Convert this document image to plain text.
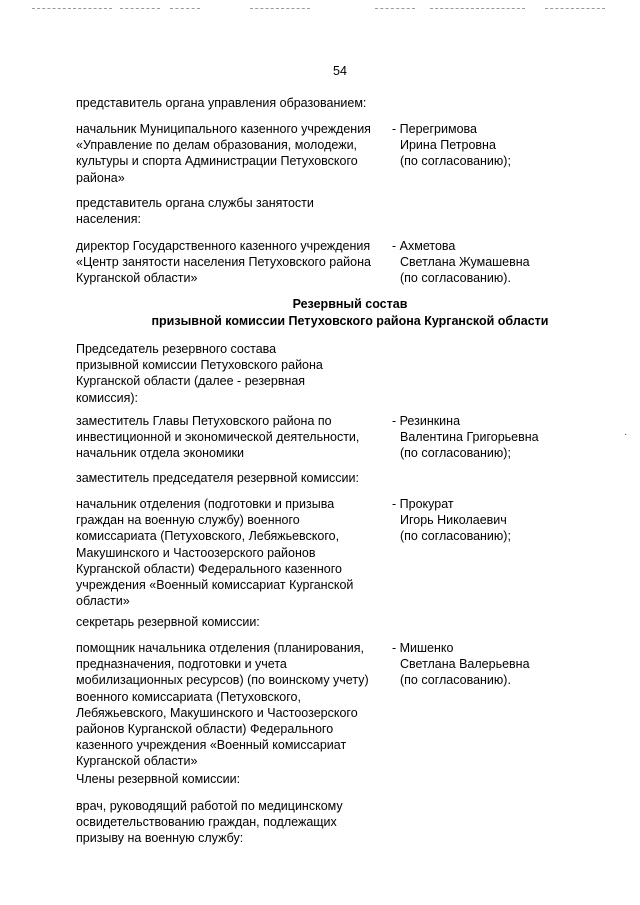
54
представитель органа управления образованием:
начальник Муниципального казенного учреждения
«Управление по делам образования, молодежи,
культуры и спорта Администрации Петуховского
района»
- Перегримова
Ирина Петровна
(по согласованию);
представитель органа службы занятости
населения:
директор Государственного казенного учреждения
«Центр занятости населения Петуховского района
Курганской области»
- Ахметова
Светлана Жумашевна
(по согласованию).
Резервный состав
призывной комиссии Петуховского района Курганской области
Председатель резервного состава
призывной комиссии Петуховского района
Курганской области (далее - резервная
комиссия):
заместитель Главы Петуховского района по
инвестиционной и экономической деятельности,
начальник отдела экономики
- Резинкина
Валентина Григорьевна
(по согласованию);
заместитель председателя резервной комиссии:
начальник отделения (подготовки и призыва
граждан на военную службу) военного
комиссариата (Петуховского, Лебяжьевского,
Макушинского и Частоозерского районов
Курганской области) Федерального казенного
учреждения «Военный комиссариат Курганской
области»
- Прокурат
Игорь Николаевич
(по согласованию);
секретарь резервной комиссии:
помощник начальника отделения (планирования,
предназначения, подготовки и учета
мобилизационных ресурсов) (по воинскому учету)
военного комиссариата (Петуховского,
Лебяжьевского, Макушинского и Частоозерского
районов Курганской области) Федерального
казенного учреждения «Военный комиссариат
Курганской области»
- Мишенко
Светлана Валерьевна
(по согласованию).
Члены резервной комиссии:
врач, руководящий работой по медицинскому
освидетельствованию граждан, подлежащих
призыву на военную службу:
·
